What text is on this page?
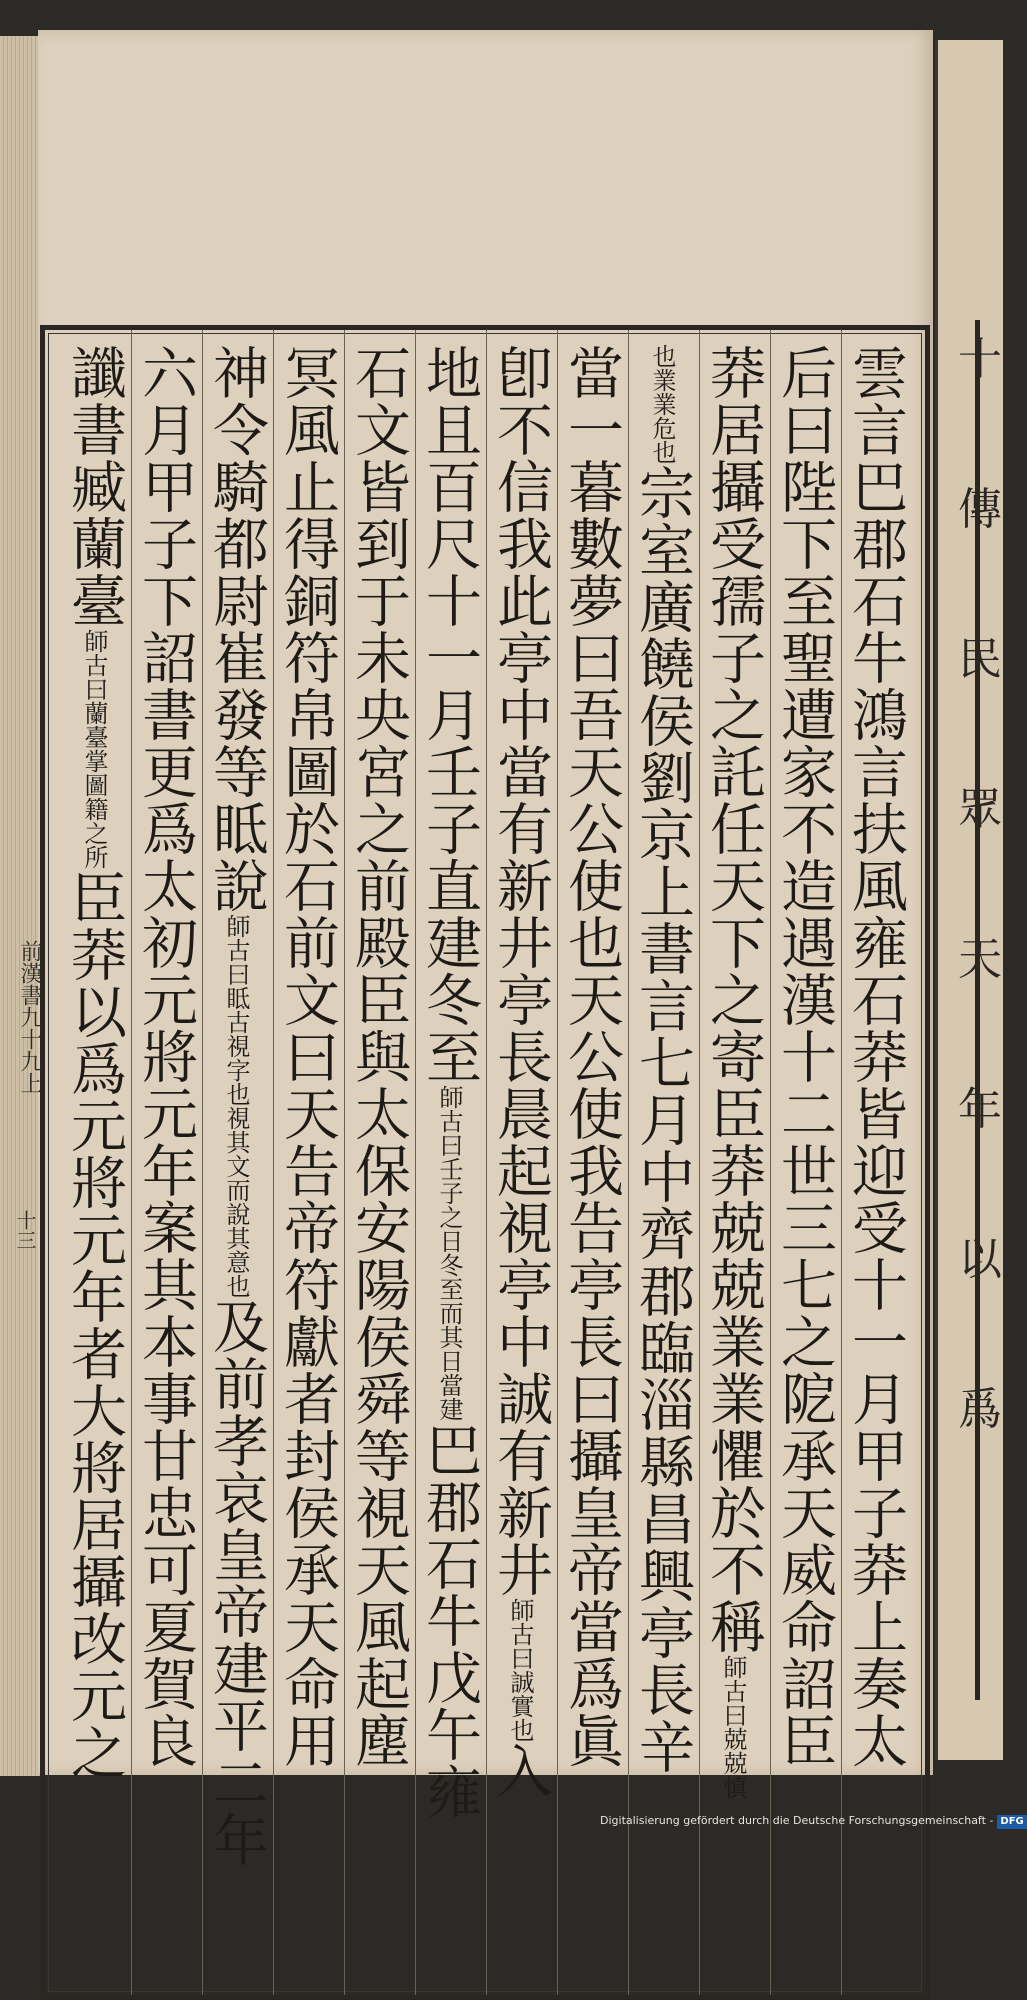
十
傳
民
眾
天
年
以
爲
雲言巴郡石牛鴻言扶風雍石莽皆迎受十一月甲子莽上奏太
后曰陛下至聖遭家不造遇漢十二世三七之阸承天威命詔臣
莽居攝受孺子之託任天下之寄臣莽兢兢業業懼於不稱師古曰兢兢慎
也業業危也宗室廣饒侯劉京上書言七月中齊郡臨淄縣昌興亭長辛
當一暮數夢曰吾天公使也天公使我告亭長曰攝皇帝當爲眞
卽不信我此亭中當有新井亭長晨起視亭中誠有新井師古曰誠實也入
地且百尺十一月壬子直建冬至師古曰壬子之日冬至而其日當建巴郡石牛戊午雍
石文皆到于未央宮之前殿臣與太保安陽侯舜等視天風起塵
冥風止得銅符帛圖於石前文曰天告帝符獻者封侯承天命用
神令騎都尉崔發等眡說師古曰眡古視字也視其文而說其意也及前孝哀皇帝建平二年
六月甲子下詔書更爲太初元將元年案其本事甘忠可夏賀良
讖書臧蘭臺師古曰蘭臺掌圖籍之所臣莽以爲元將元年者大將居攝改元之
前漢書九十九上
十三
Digitalisierung gefördert durch die Deutsche Forschungsgemeinschaft - DFG
